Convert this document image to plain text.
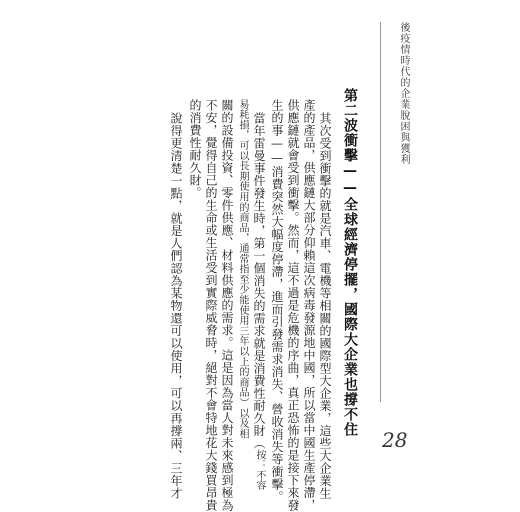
後疫情時代的企業脫困與獲利
第二波衝擊——全球經濟停擺，國際大企業也撐不住
其次受到衝擊的就是汽車、電機等相關的國際型大企業，這些大企業生
產的產品，供應鏈大部分仰賴這次病毒發源地中國，所以當中國生產停滯，
供應鏈就會受到衝擊。然而，這不過是危機的序曲，真正恐怖的是接下來發
生的事——消費突然大幅度停滯，進而引發需求消失、營收消失等衝擊。
當年雷曼事件發生時，第一個消失的需求就是消費性耐久財（按：不容
易耗損，可以長期使用的商品，通常指至少能使用三年以上的商品）以及相
關的設備投資、零件供應、材料供應的需求。這是因為當人對未來感到極為
不安，覺得自己的生命或生活受到實際威脅時，絕對不會特地花大錢買昂貴
的消費性耐久財。
說得更清楚一點，就是人們認為某物還可以使用，可以再撐兩、三年才	28
